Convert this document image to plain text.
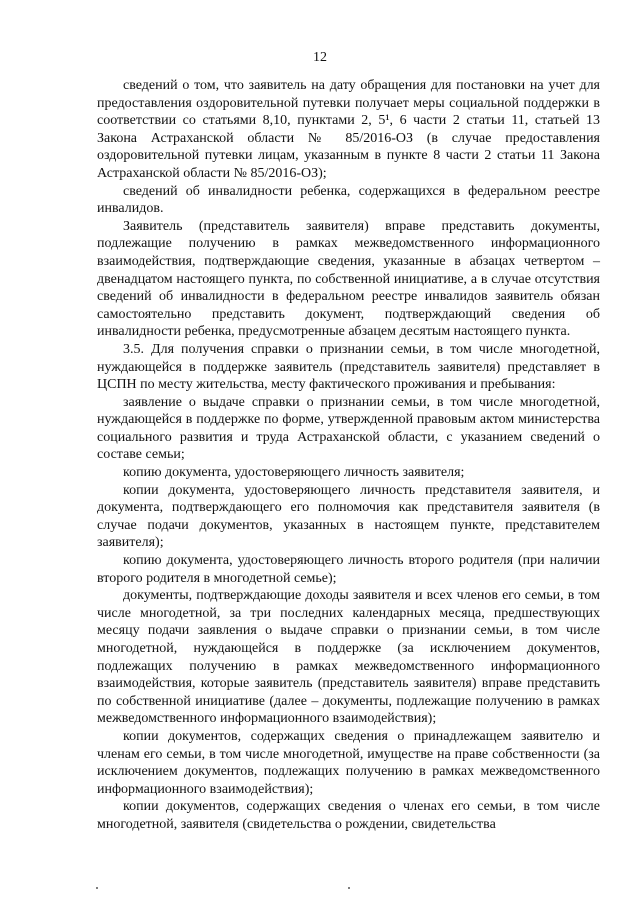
12

сведений о том, что заявитель на дату обращения для постановки на учет для предоставления оздоровительной путевки получает меры социальной поддержки в соответствии со статьями 8,10, пунктами 2, 5¹, 6 части 2 статьи 11, статьей 13 Закона Астраханской области № 85/2016-ОЗ (в случае предоставления оздоровительной путевки лицам, указанным в пункте 8 части 2 статьи 11 Закона Астраханской области № 85/2016-ОЗ);

сведений об инвалидности ребенка, содержащихся в федеральном реестре инвалидов.

Заявитель (представитель заявителя) вправе представить документы, подлежащие получению в рамках межведомственного информационного взаимодействия, подтверждающие сведения, указанные в абзацах четвертом – двенадцатом настоящего пункта, по собственной инициативе, а в случае отсутствия сведений об инвалидности в федеральном реестре инвалидов заявитель обязан самостоятельно представить документ, подтверждающий сведения об инвалидности ребенка, предусмотренные абзацем десятым настоящего пункта.

3.5. Для получения справки о признании семьи, в том числе многодетной, нуждающейся в поддержке заявитель (представитель заявителя) представляет в ЦСПН по месту жительства, месту фактического проживания и пребывания:

заявление о выдаче справки о признании семьи, в том числе многодетной, нуждающейся в поддержке по форме, утвержденной правовым актом министерства социального развития и труда Астраханской области, с указанием сведений о составе семьи;

копию документа, удостоверяющего личность заявителя;

копии документа, удостоверяющего личность представителя заявителя, и документа, подтверждающего его полномочия как представителя заявителя (в случае подачи документов, указанных в настоящем пункте, представителем заявителя);

копию документа, удостоверяющего личность второго родителя (при наличии второго родителя в многодетной семье);

документы, подтверждающие доходы заявителя и всех членов его семьи, в том числе многодетной, за три последних календарных месяца, предшествующих месяцу подачи заявления о выдаче справки о признании семьи, в том числе многодетной, нуждающейся в поддержке (за исключением документов, подлежащих получению в рамках межведомственного информационного взаимодействия, которые заявитель (представитель заявителя) вправе представить по собственной инициативе (далее – документы, подлежащие получению в рамках межведомственного информационного взаимодействия);

копии документов, содержащих сведения о принадлежащем заявителю и членам его семьи, в том числе многодетной, имуществе на праве собственности (за исключением документов, подлежащих получению в рамках межведомственного информационного взаимодействия);

копии документов, содержащих сведения о членах его семьи, в том числе многодетной, заявителя (свидетельства о рождении, свидетельства
